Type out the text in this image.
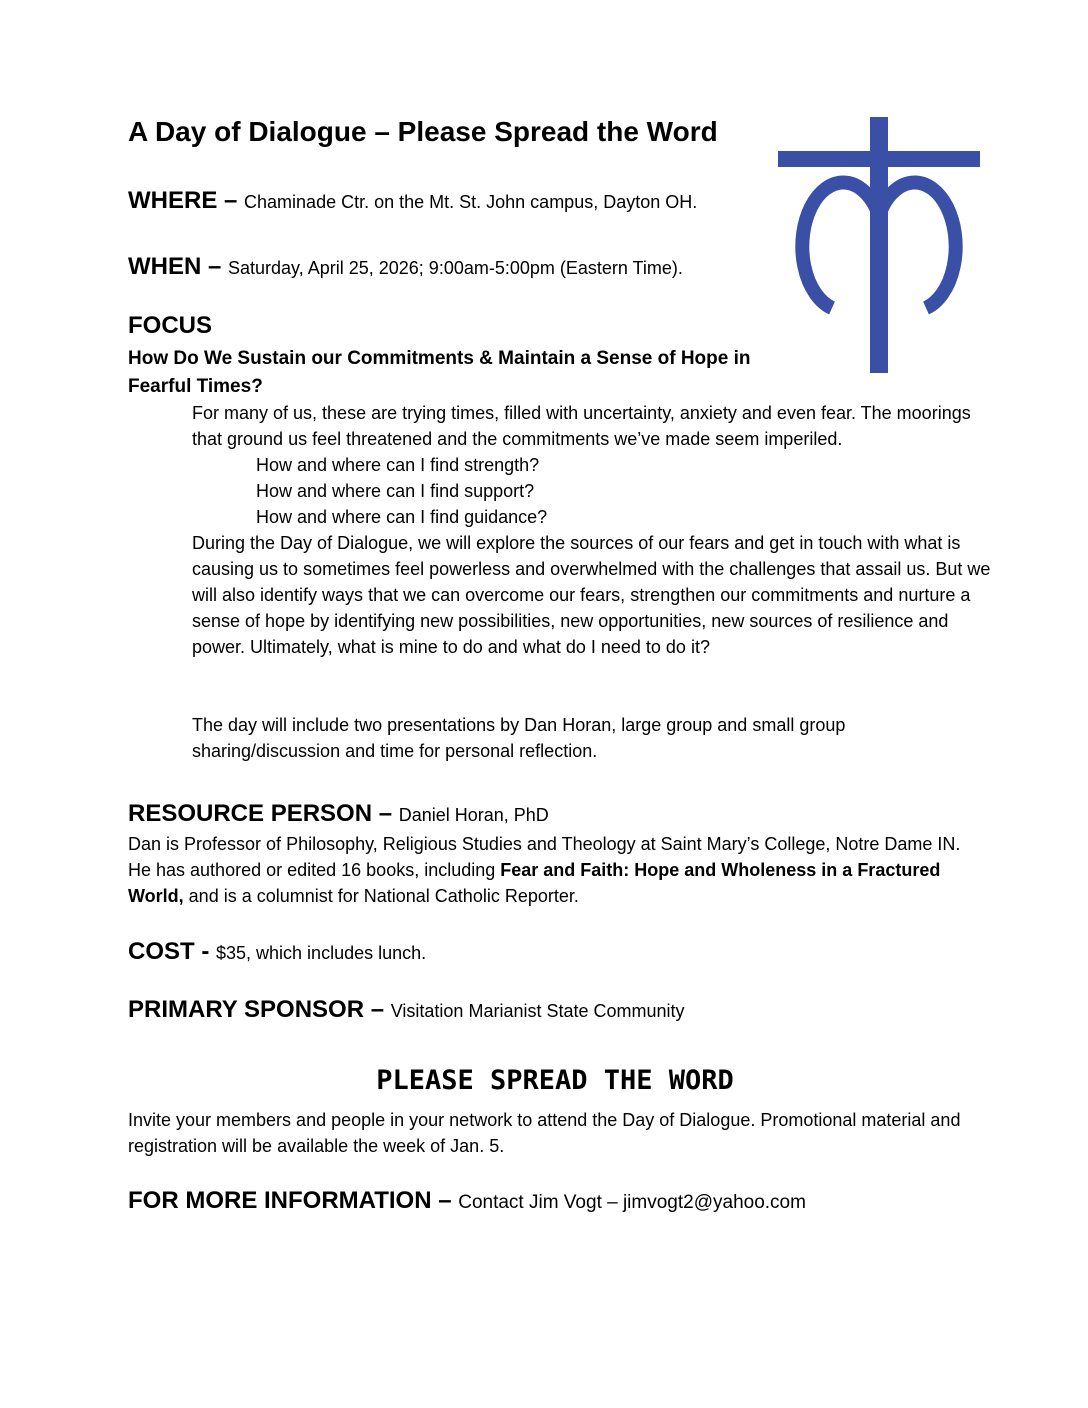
A Day of Dialogue – Please Spread the Word

WHERE – Chaminade Ctr. on the Mt. St. John campus, Dayton OH.

WHEN – Saturday, April 25, 2026; 9:00am-5:00pm (Eastern Time).

FOCUS

How Do We Sustain our Commitments & Maintain a Sense of Hope in Fearful Times?

For many of us, these are trying times, filled with uncertainty, anxiety and even fear. The moorings that ground us feel threatened and the commitments we’ve made seem imperiled.

How and where can I find strength?

How and where can I find support?

How and where can I find guidance?

During the Day of Dialogue, we will explore the sources of our fears and get in touch with what is causing us to sometimes feel powerless and overwhelmed with the challenges that assail us. But we will also identify ways that we can overcome our fears, strengthen our commitments and nurture a sense of hope by identifying new possibilities, new opportunities, new sources of resilience and power. Ultimately, what is mine to do and what do I need to do it?

The day will include two presentations by Dan Horan, large group and small group sharing/discussion and time for personal reflection.

RESOURCE PERSON – Daniel Horan, PhD

Dan is Professor of Philosophy, Religious Studies and Theology at Saint Mary’s College, Notre Dame IN. He has authored or edited 16 books, including Fear and Faith: Hope and Wholeness in a Fractured World, and is a columnist for National Catholic Reporter.

COST - $35, which includes lunch.

PRIMARY SPONSOR – Visitation Marianist State Community

PLEASE SPREAD THE WORD

Invite your members and people in your network to attend the Day of Dialogue. Promotional material and registration will be available the week of Jan. 5.

FOR MORE INFORMATION – Contact Jim Vogt – jimvogt2@yahoo.com
